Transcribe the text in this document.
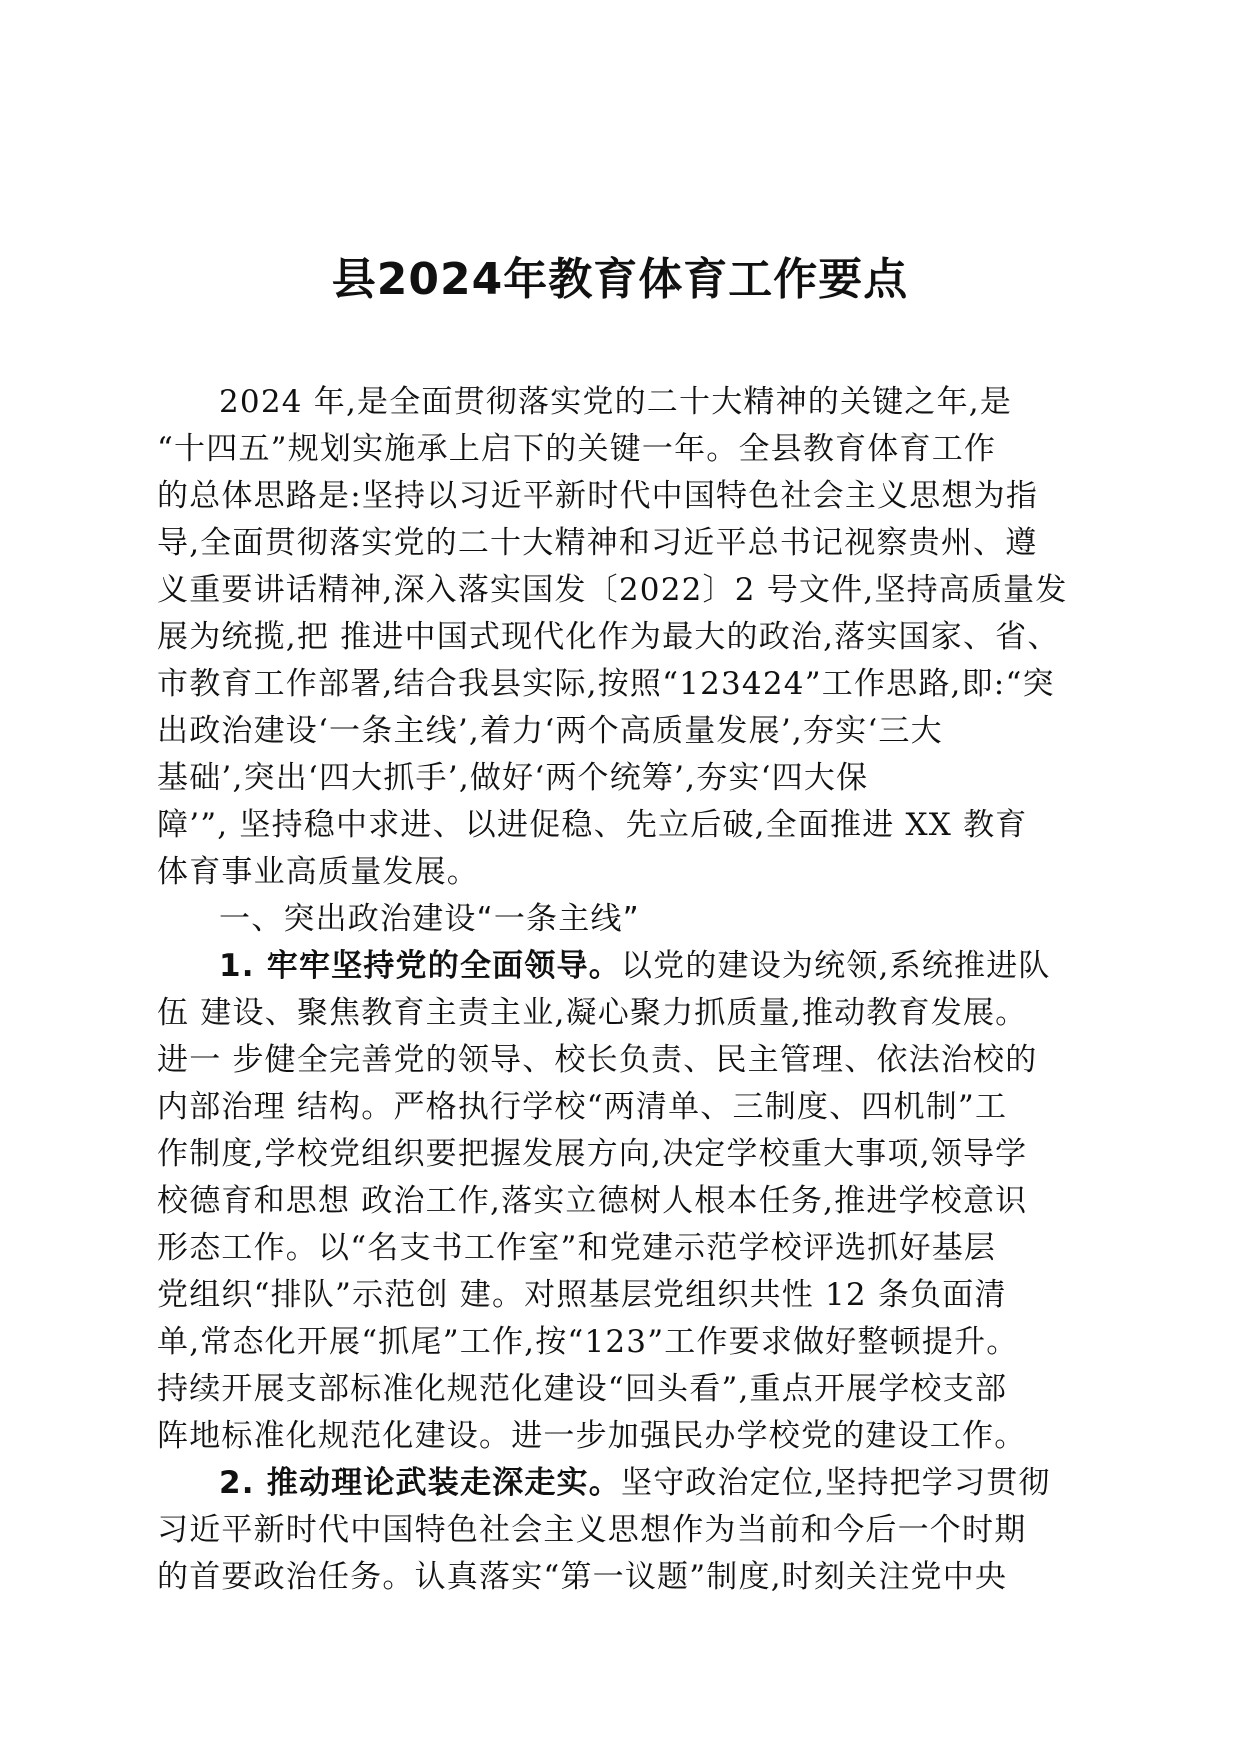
县2024年教育体育工作要点
2024 年,是全面贯彻落实党的二十大精神的关键之年,是
“十四五”规划实施承上启下的关键一年。全县教育体育工作
的总体思路是:坚持以习近平新时代中国特色社会主义思想为指
导,全面贯彻落实党的二十大精神和习近平总书记视察贵州、遵
义重要讲话精神,深入落实国发〔2022〕2 号文件,坚持高质量发
展为统揽,把 推进中国式现代化作为最大的政治,落实国家、省、
市教育工作部署,结合我县实际,按照“123424”工作思路,即:“突
出政治建设‘一条主线’,着力‘两个高质量发展’,夯实‘三大
基础’,突出‘四大抓手’,做好‘两个统筹’,夯实‘四大保
障’”, 坚持稳中求进、以进促稳、先立后破,全面推进 XX 教育
体育事业高质量发展。
一、突出政治建设“一条主线”
1. 牢牢坚持党的全面领导。以党的建设为统领,系统推进队
伍 建设、聚焦教育主责主业,凝心聚力抓质量,推动教育发展。
进一 步健全完善党的领导、校长负责、民主管理、依法治校的
内部治理 结构。严格执行学校“两清单、三制度、四机制”工
作制度,学校党组织要把握发展方向,决定学校重大事项,领导学
校德育和思想 政治工作,落实立德树人根本任务,推进学校意识
形态工作。以“名支书工作室”和党建示范学校评选抓好基层
党组织“排队”示范创 建。对照基层党组织共性 12 条负面清
单,常态化开展“抓尾”工作,按“123”工作要求做好整顿提升。
持续开展支部标准化规范化建设“回头看”,重点开展学校支部
阵地标准化规范化建设。进一步加强民办学校党的建设工作。
2. 推动理论武装走深走实。坚守政治定位,坚持把学习贯彻
习近平新时代中国特色社会主义思想作为当前和今后一个时期
的首要政治任务。认真落实“第一议题”制度,时刻关注党中央
